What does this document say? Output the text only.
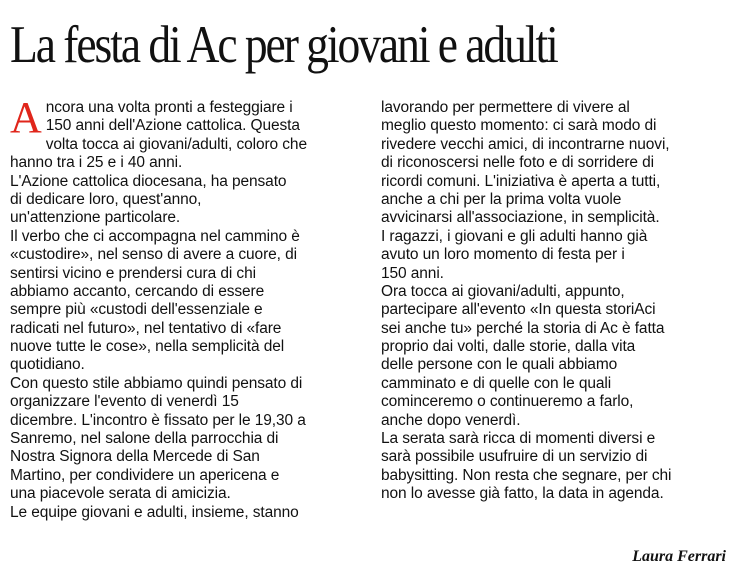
La festa di Ac per giovani e adulti
A ncora una volta pronti a festeggiare i
150 anni dell'Azione cattolica. Questa
volta tocca ai giovani/adulti, coloro che
hanno tra i 25 e i 40 anni.
L'Azione cattolica diocesana, ha pensato
di dedicare loro, quest'anno,
un'attenzione particolare.
Il verbo che ci accompagna nel cammino è
«custodire», nel senso di avere a cuore, di
sentirsi vicino e prendersi cura di chi
abbiamo accanto, cercando di essere
sempre più «custodi dell'essenziale e
radicati nel futuro», nel tentativo di «fare
nuove tutte le cose», nella semplicità del
quotidiano.
Con questo stile abbiamo quindi pensato di
organizzare l'evento di venerdì 15
dicembre. L'incontro è fissato per le 19,30 a
Sanremo, nel salone della parrocchia di
Nostra Signora della Mercede di San
Martino, per condividere un apericena e
una piacevole serata di amicizia.
Le equipe giovani e adulti, insieme, stanno
lavorando per permettere di vivere al
meglio questo momento: ci sarà modo di
rivedere vecchi amici, di incontrarne nuovi,
di riconoscersi nelle foto e di sorridere di
ricordi comuni. L'iniziativa è aperta a tutti,
anche a chi per la prima volta vuole
avvicinarsi all'associazione, in semplicità.
I ragazzi, i giovani e gli adulti hanno già
avuto un loro momento di festa per i
150 anni.
Ora tocca ai giovani/adulti, appunto,
partecipare all'evento «In questa storiAci
sei anche tu» perché la storia di Ac è fatta
proprio dai volti, dalle storie, dalla vita
delle persone con le quali abbiamo
camminato e di quelle con le quali
cominceremo o continueremo a farlo,
anche dopo venerdì.
La serata sarà ricca di momenti diversi e
sarà possibile usufruire di un servizio di
babysitting. Non resta che segnare, per chi
non lo avesse già fatto, la data in agenda.
Laura Ferrari
